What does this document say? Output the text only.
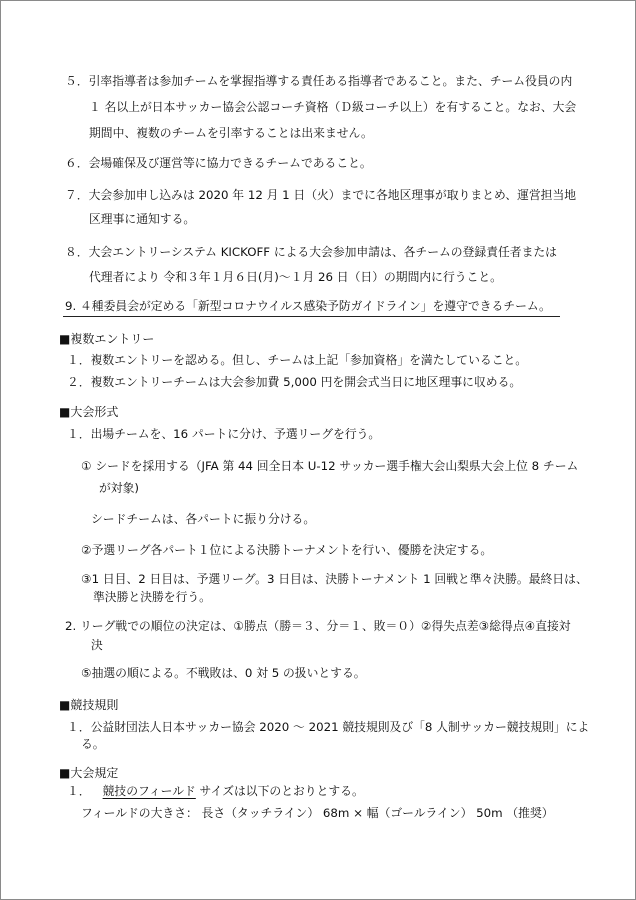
５．引率指導者は参加チームを掌握指導する責任ある指導者であること。また、チーム役員の内
１ 名以上が日本サッカー協会公認コーチ資格（Ｄ級コーチ以上）を有すること。なお、大会
期間中、複数のチームを引率することは出来ません。
６．会場確保及び運営等に協力できるチームであること。
７．大会参加申し込みは 2020 年 12 月 1 日（火）までに各地区理事が取りまとめ、運営担当地
区理事に通知する。
８．大会エントリーシステム KICKOFF による大会参加申請は、各チームの登録責任者または
代理者により 令和３年１月６日(月)～１月 26 日（日）の期間内に行うこと。
9. ４種委員会が定める「新型コロナウイルス感染予防ガイドライン」を遵守できるチーム。
■複数エントリー
１．複数エントリーを認める。但し、チームは上記「参加資格」を満たしていること。
２．複数エントリーチームは大会参加費 5,000 円を開会式当日に地区理事に収める。
■大会形式
１．出場チームを、16 パートに分け、予選リーグを行う。
① シードを採用する（JFA 第 44 回全日本 U-12 サッカー選手権大会山梨県大会上位 8 チーム
が対象)
シードチームは、各パートに振り分ける。
②予選リーグ各パート１位による決勝トーナメントを行い、優勝を決定する。
③1 日目、2 日目は、予選リーグ。3 日目は、決勝トーナメント 1 回戦と準々決勝。最終日は、
準決勝と決勝を行う。
2. リーグ戦での順位の決定は、①勝点（勝＝３、分＝１、敗＝０）②得失点差③総得点④直接対
決
⑤抽選の順による。不戦敗は、0 対 5 の扱いとする。
■競技規則
１．公益財団法人日本サッカー協会 2020 ～ 2021 競技規則及び「8 人制サッカー競技規則」によ
る。
■大会規定
１． 競技のフィールド サイズは以下のとおりとする。
フィールドの大きさ： 長さ（タッチライン） 68m × 幅（ゴールライン） 50m （推奨）
